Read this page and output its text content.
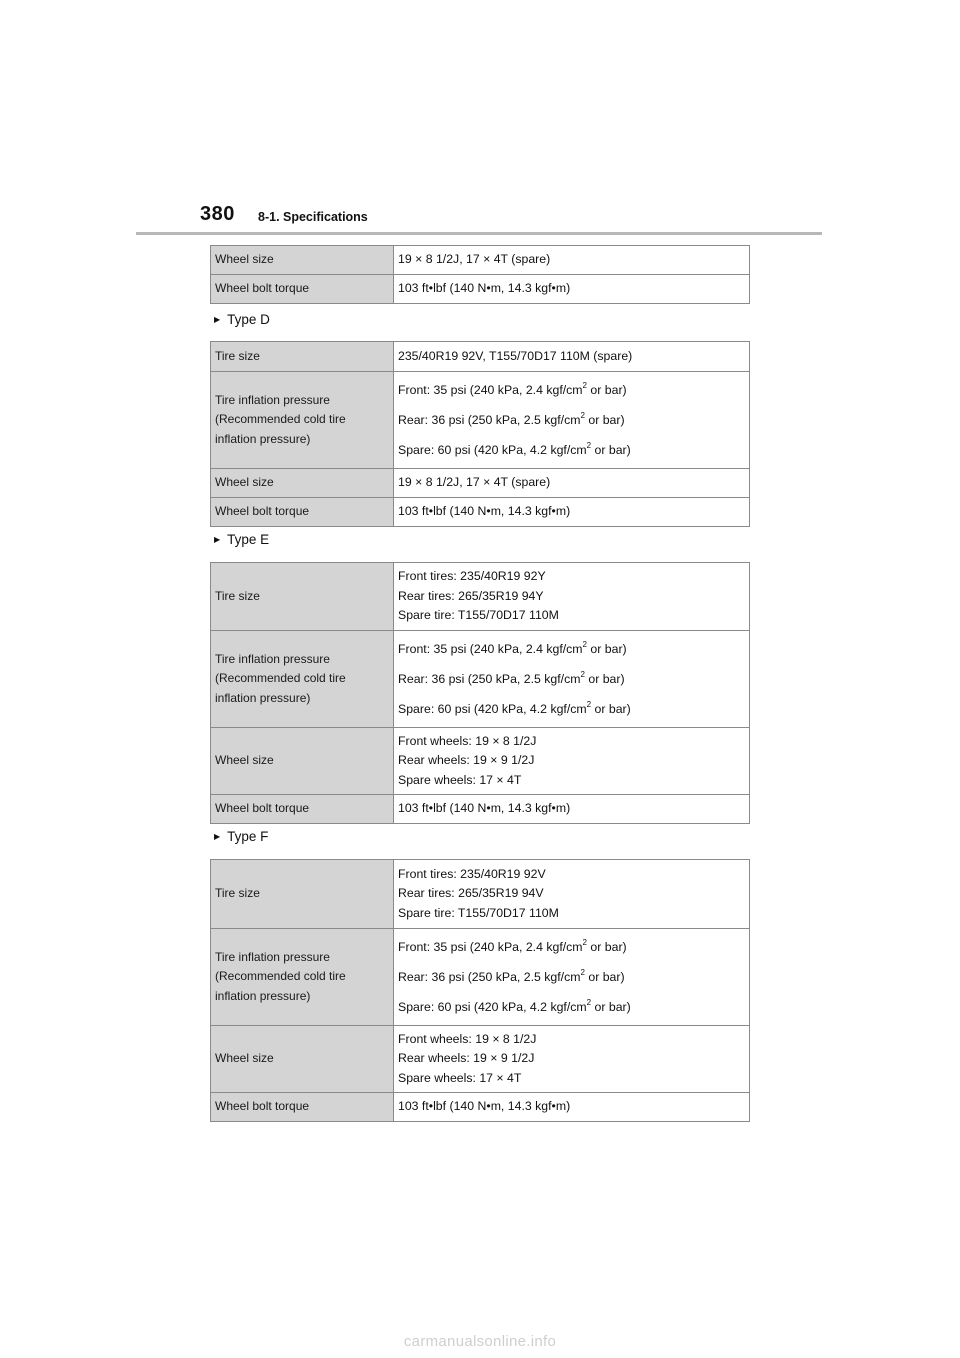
380 8-1. Specifications
Wheel size	19 × 8 1/2J, 17 × 4T (spare)
Wheel bolt torque	103 ft•lbf (140 N•m, 14.3 kgf•m)
▶ Type D
Tire size	235/40R19 92V, T155/70D17 110M (spare)
Tire inflation pressure (Recommended cold tire inflation pressure)	Front: 35 psi (240 kPa, 2.4 kgf/$cm^2$ or bar)

Rear: 36 psi (250 kPa, 2.5 kgf/$cm^2$ or bar)

Spare: 60 psi (420 kPa, 4.2 kgf/$cm^2$ or bar)

Wheel size	19 × 8 1/2J, 17 × 4T (spare)
Wheel bolt torque	103 ft•lbf (140 N•m, 14.3 kgf•m)
▶ Type E
Tire size	Front tires: 235/40R19 92Y

Rear tires: 265/35R19 94Y

Spare tire: T155/70D17 110M

Tire inflation pressure (Recommended cold tire inflation pressure)	Front: 35 psi (240 kPa, 2.4 kgf/$cm^2$ or bar)

Rear: 36 psi (250 kPa, 2.5 kgf/$cm^2$ or bar)

Spare: 60 psi (420 kPa, 4.2 kgf/$cm^2$ or bar)

Wheel size	Front wheels: 19 × 8 1/2J

Rear wheels: 19 × 9 1/2J

Spare wheels: 17 × 4T

Wheel bolt torque	103 ft•lbf (140 N•m, 14.3 kgf•m)
▶ Type F
Tire size	Front tires: 235/40R19 92V

Rear tires: 265/35R19 94V

Spare tire: T155/70D17 110M

Tire inflation pressure (Recommended cold tire inflation pressure)	Front: 35 psi (240 kPa, 2.4 kgf/$cm^2$ or bar)

Rear: 36 psi (250 kPa, 2.5 kgf/$cm^2$ or bar)

Spare: 60 psi (420 kPa, 4.2 kgf/$cm^2$ or bar)

Wheel size	Front wheels: 19 × 8 1/2J

Rear wheels: 19 × 9 1/2J

Spare wheels: 17 × 4T

Wheel bolt torque	103 ft•lbf (140 N•m, 14.3 kgf•m)
carmanualsonline.info
